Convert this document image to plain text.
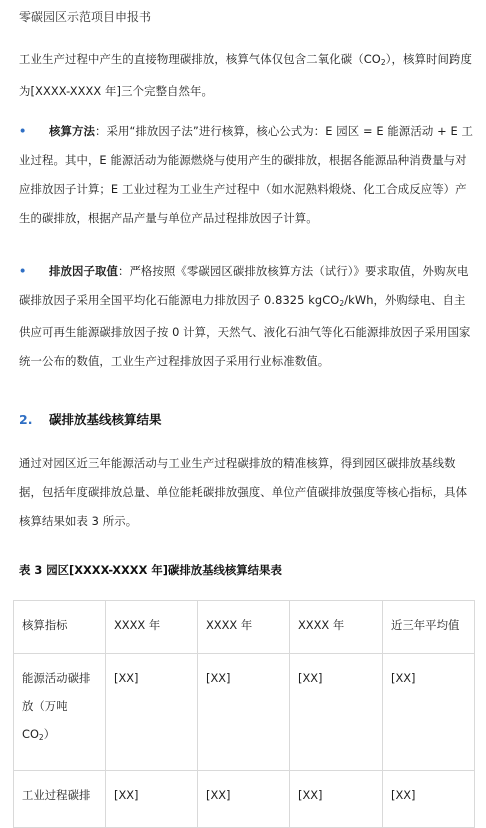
零碳园区示范项目申报书
工业生产过程中产生的直接物理碳排放，核算气体仅包含二氧化碳$(CO_2)$，核算时间跨度为[XXXX-XXXX 年]三个完整自然年。
• 核算方法：采用“排放因子法”进行核算，核心公式为：E 园区 = E 能源活动 + E 工业过程。其中，E 能源活动为能源燃烧与使用产生的碳排放，根据各能源品种消费量与对应排放因子计算；E 工业过程为工业生产过程中（如水泥熟料煅烧、化工合成反应等）产生的碳排放，根据产品产量与单位产品过程排放因子计算。
• 排放因子取值：严格按照《零碳园区碳排放核算方法（试行）》要求取值，外购灰电碳排放因子采用全国平均化石能源电力排放因子 0.8325 kgCO$_2$/kWh，外购绿电、自主供应可再生能源碳排放因子按 0 计算，天然气、液化石油气等化石能源排放因子采用国家统一公布的数值，工业生产过程排放因子采用行业标准数值。
2. 碳排放基线核算结果
通过对园区近三年能源活动与工业生产过程碳排放的精准核算，得到园区碳排放基线数据，包括年度碳排放总量、单位能耗碳排放强度、单位产值碳排放强度等核心指标，具体核算结果如表 3 所示。
表 3 园区[XXXX-XXXX 年]碳排放基线核算结果表
核算指标	XXXX 年	XXXX 年	XXXX 年	近三年平均值
能源活动碳排放（万吨 $CO_2$）	[XX]	[XX]	[XX]	[XX]
工业过程碳排	[XX]	[XX]	[XX]	[XX]
